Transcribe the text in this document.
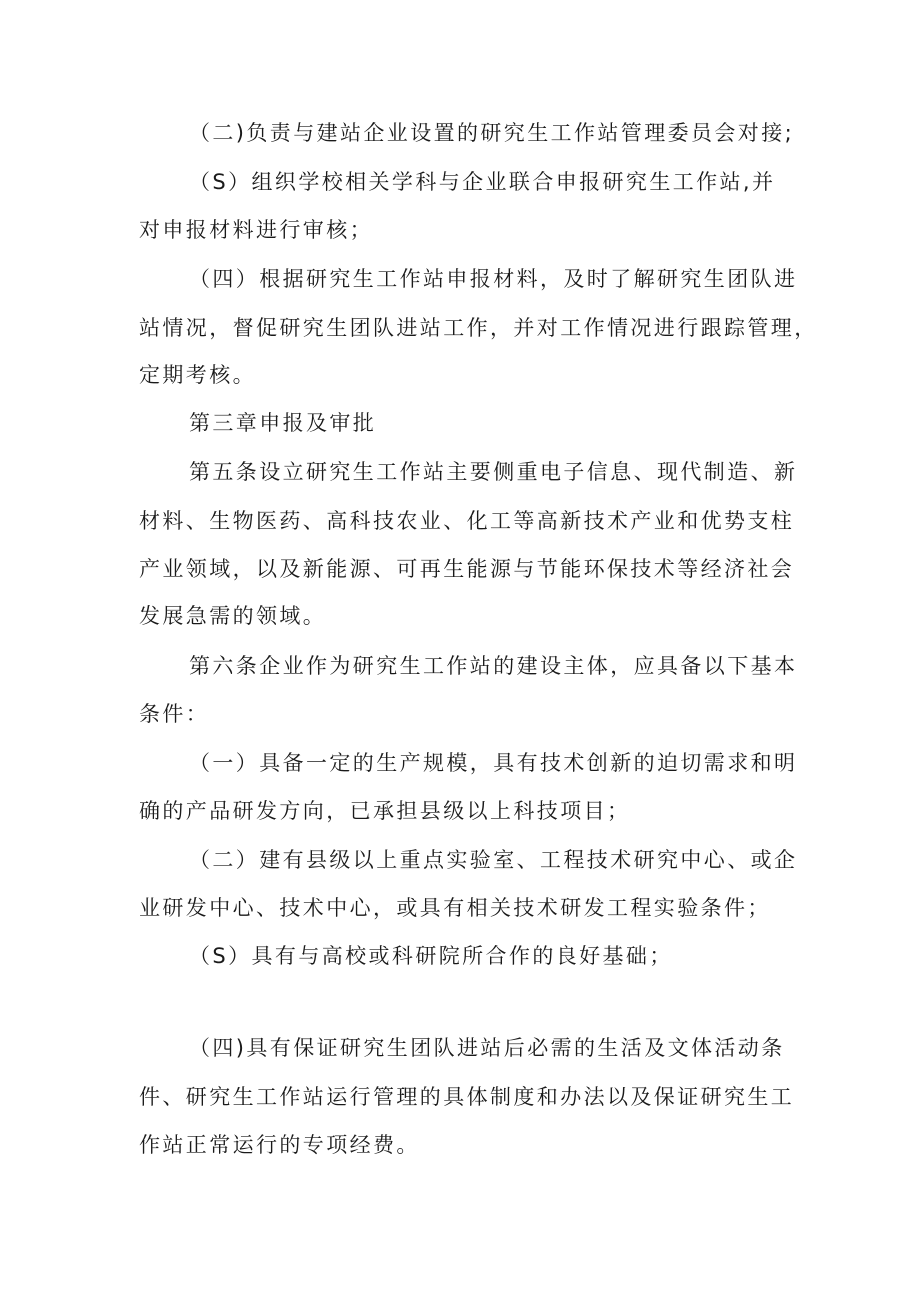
（二)负责与建站企业设置的研究生工作站管理委员会对接;
（S）组织学校相关学科与企业联合申报研究生工作站,并
对申报材料进行审核；
（四）根据研究生工作站申报材料，及时了解研究生团队进
站情况，督促研究生团队进站工作，并对工作情况进行跟踪管理，
定期考核。
第三章申报及审批
第五条设立研究生工作站主要侧重电子信息、现代制造、新
材料、生物医药、高科技农业、化工等高新技术产业和优势支柱
产业领域，以及新能源、可再生能源与节能环保技术等经济社会
发展急需的领域。
第六条企业作为研究生工作站的建设主体，应具备以下基本
条件：
（一）具备一定的生产规模，具有技术创新的迫切需求和明
确的产品研发方向，已承担县级以上科技项目；
（二）建有县级以上重点实验室、工程技术研究中心、或企
业研发中心、技术中心，或具有相关技术研发工程实验条件；
（S）具有与高校或科研院所合作的良好基础；
（四)具有保证研究生团队进站后必需的生活及文体活动条
件、研究生工作站运行管理的具体制度和办法以及保证研究生工
作站正常运行的专项经费。
